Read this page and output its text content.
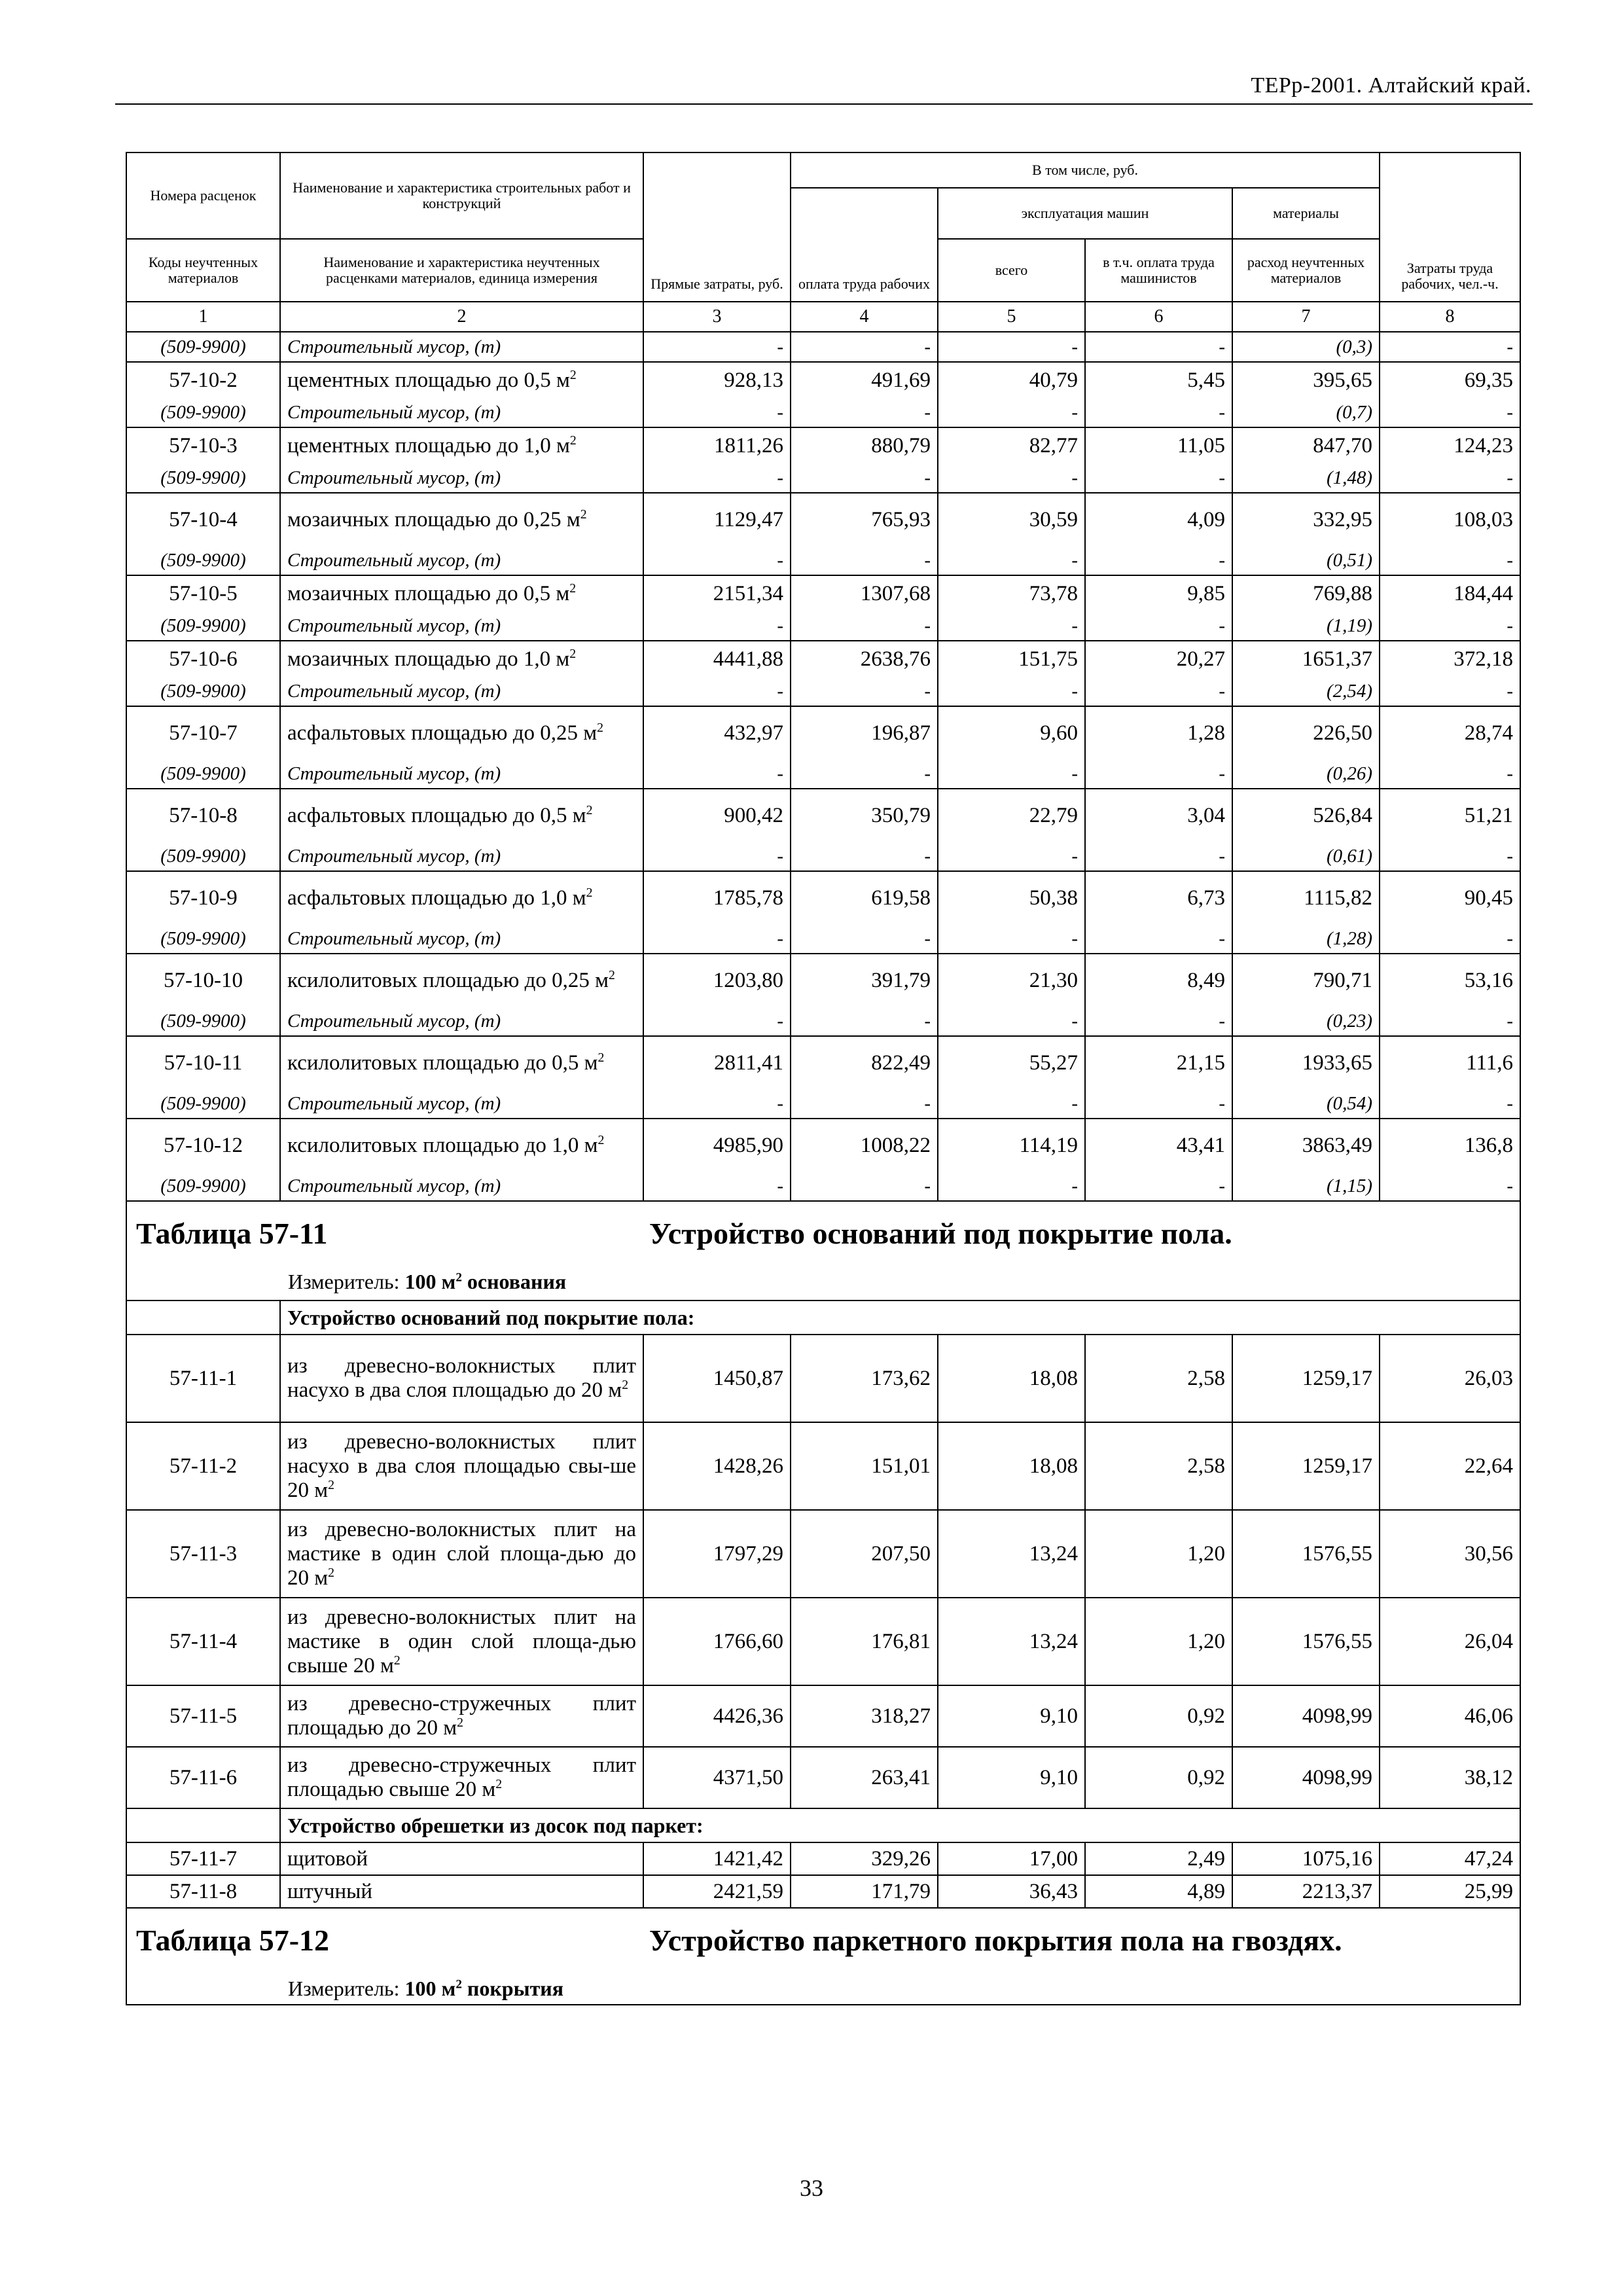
ТЕРр-2001. Алтайский край.
Номера расценок	Наименование и характеристика строительных работ и конструкций	Прямые затраты, руб.	В том числе, руб.				Затраты труда рабочих, чел.-ч.
			оплата труда рабочих	эксплуатация машин		материалы	
Коды неучтенных материалов	Наименование и характеристика неучтенных расценками материалов, единица измерения			всего	в т.ч. оплата труда машинистов	расход неучтенных материалов	
1	2	3	4	5	6	7	8
(509-9900)	Строительный мусор, (т)	-	-	-	-	(0,3)	-
57-10-2	цементных площадью до 0,5 $м^2$	928,13	491,69	40,79	5,45	395,65	69,35
(509-9900)	Строительный мусор, (т)	-	-	-	-	(0,7)	-
57-10-3	цементных площадью до 1,0 $м^2$	1811,26	880,79	82,77	11,05	847,70	124,23
(509-9900)	Строительный мусор, (т)	-	-	-	-	(1,48)	-
57-10-4	мозаичных площадью до 0,25 $м^2$	1129,47	765,93	30,59	4,09	332,95	108,03
(509-9900)	Строительный мусор, (т)	-	-	-	-	(0,51)	-
57-10-5	мозаичных площадью до 0,5 $м^2$	2151,34	1307,68	73,78	9,85	769,88	184,44
(509-9900)	Строительный мусор, (т)	-	-	-	-	(1,19)	-
57-10-6	мозаичных площадью до 1,0 $м^2$	4441,88	2638,76	151,75	20,27	1651,37	372,18
(509-9900)	Строительный мусор, (т)	-	-	-	-	(2,54)	-
57-10-7	асфальтовых площадью до 0,25 $м^2$	432,97	196,87	9,60	1,28	226,50	28,74
(509-9900)	Строительный мусор, (т)	-	-	-	-	(0,26)	-
57-10-8	асфальтовых площадью до 0,5 $м^2$	900,42	350,79	22,79	3,04	526,84	51,21
(509-9900)	Строительный мусор, (т)	-	-	-	-	(0,61)	-
57-10-9	асфальтовых площадью до 1,0 $м^2$	1785,78	619,58	50,38	6,73	1115,82	90,45
(509-9900)	Строительный мусор, (т)	-	-	-	-	(1,28)	-
57-10-10	ксилолитовых площадью до 0,25 $м^2$	1203,80	391,79	21,30	8,49	790,71	53,16
(509-9900)	Строительный мусор, (т)	-	-	-	-	(0,23)	-
57-10-11	ксилолитовых площадью до 0,5 $м^2$	2811,41	822,49	55,27	21,15	1933,65	111,6
(509-9900)	Строительный мусор, (т)	-	-	-	-	(0,54)	-
57-10-12	ксилолитовых площадью до 1,0 $м^2$	4985,90	1008,22	114,19	43,41	3863,49	136,8
(509-9900)	Строительный мусор, (т)	-	-	-	-	(1,15)	-

Таблица 57-11 Устройство оснований под покрытие пола.
Измеритель: 100 $м^2$ основания							

	Устройство оснований под покрытие пола:						
57-11-1	из древесно-волокнистых плит насухо в два слоя площадью до 20 $м^2$	1450,87	173,62	18,08	2,58	1259,17	26,03
57-11-2	из древесно-волокнистых плит насухо в два слоя площадью свы-ше 20 $м^2$	1428,26	151,01	18,08	2,58	1259,17	22,64
57-11-3	из древесно-волокнистых плит на мастике в один слой площа-дью до 20 $м^2$	1797,29	207,50	13,24	1,20	1576,55	30,56
57-11-4	из древесно-волокнистых плит на мастике в один слой площа-дью свыше 20 $м^2$	1766,60	176,81	13,24	1,20	1576,55	26,04
57-11-5	из древесно-стружечных плит площадью до 20 $м^2$	4426,36	318,27	9,10	0,92	4098,99	46,06
57-11-6	из древесно-стружечных плит площадью свыше 20 $м^2$	4371,50	263,41	9,10	0,92	4098,99	38,12
	Устройство обрешетки из досок под паркет:						
57-11-7	щитовой	1421,42	329,26	17,00	2,49	1075,16	47,24
57-11-8	штучный	2421,59	171,79	36,43	4,89	2213,37	25,99

Таблица 57-12 Устройство паркетного покрытия пола на гвоздях.
Измеритель: 100 $м^2$ покрытия							
33
